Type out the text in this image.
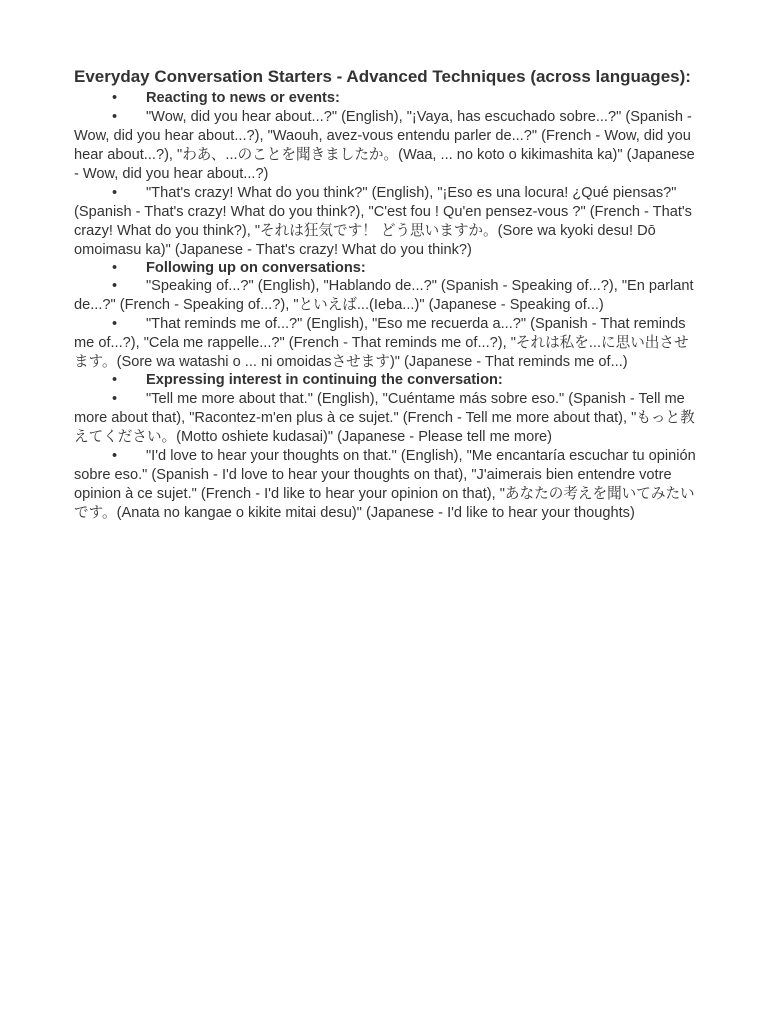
Everyday Conversation Starters - Advanced Techniques (across languages):

• Reacting to news or events:

• "Wow, did you hear about...?" (English), "¡Vaya, has escuchado sobre...?" (Spanish - Wow, did you hear about...?), "Waouh, avez-vous entendu parler de...?" (French - Wow, did you hear about...?), "わあ、...のことを聞きましたか。(Waa, ... no koto o kikimashita ka)" (Japanese - Wow, did you hear about...?)

• "That's crazy! What do you think?" (English), "¡Eso es una locura! ¿Qué piensas?" (Spanish - That's crazy! What do you think?), "C'est fou ! Qu'en pensez-vous ?" (French - That's crazy! What do you think?), "それは狂気です！ どう思いますか。(Sore wa kyoki desu! Dō omoimasu ka)" (Japanese - That's crazy! What do you think?)

• Following up on conversations:

• "Speaking of...?" (English), "Hablando de...?" (Spanish - Speaking of...?), "En parlant de...?" (French - Speaking of...?), "といえば...(Ieba...)" (Japanese - Speaking of...)

• "That reminds me of...?" (English), "Eso me recuerda a...?" (Spanish - That reminds me of...?), "Cela me rappelle...?" (French - That reminds me of...?), "それは私を...に思い出させます。(Sore wa watashi o ... ni omoidasさせます)" (Japanese - That reminds me of...)

• Expressing interest in continuing the conversation:

• "Tell me more about that." (English), "Cuéntame más sobre eso." (Spanish - Tell me more about that), "Racontez-m'en plus à ce sujet." (French - Tell me more about that), "もっと教えてください。(Motto oshiete kudasai)" (Japanese - Please tell me more)

• "I'd love to hear your thoughts on that." (English), "Me encantaría escuchar tu opinión sobre eso." (Spanish - I'd love to hear your thoughts on that), "J'aimerais bien entendre votre opinion à ce sujet." (French - I'd like to hear your opinion on that), "あなたの考えを聞いてみたいです。(Anata no kangae o kikite mitai desu)" (Japanese - I'd like to hear your thoughts)
